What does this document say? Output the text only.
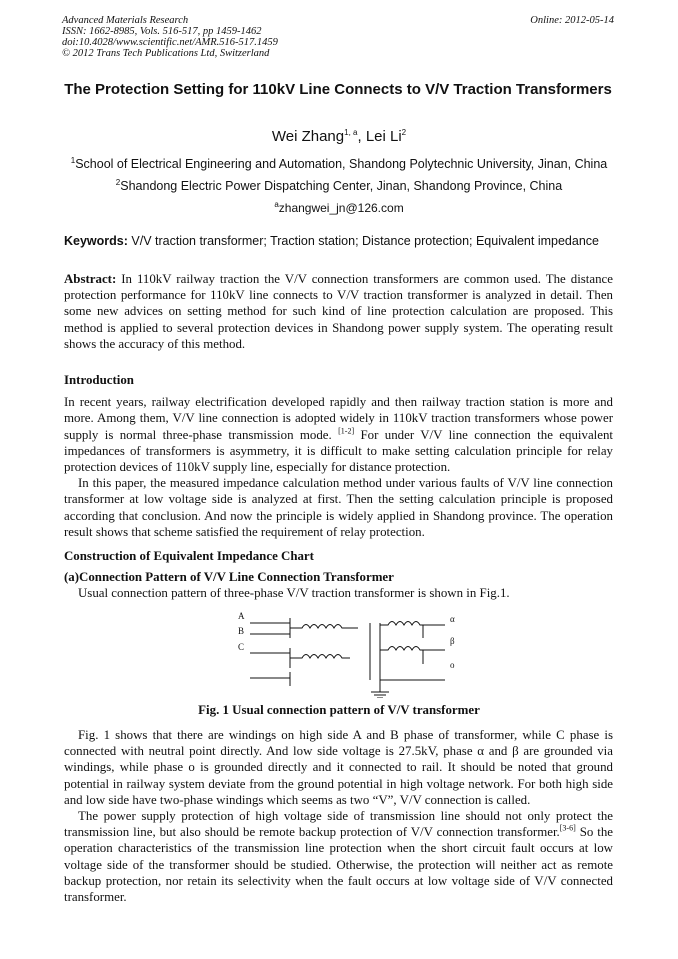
Advanced Materials Research
ISSN: 1662-8985, Vols. 516-517, pp 1459-1462
doi:10.4028/www.scientific.net/AMR.516-517.1459
© 2012 Trans Tech Publications Ltd, Switzerland
Online: 2012-05-14
The Protection Setting for 110kV Line Connects to V/V Traction Transformers
Wei Zhang$^{1, a}$, Lei Li$^2$
$^1$School of Electrical Engineering and Automation, Shandong Polytechnic University, Jinan, China
$^2$Shandong Electric Power Dispatching Center, Jinan, Shandong Province, China
$^a$zhangwei_jn@126.com
Keywords: V/V traction transformer; Traction station; Distance protection; Equivalent impedance

Abstract: In 110kV railway traction the V/V connection transformers are common used. The distance protection performance for 110kV line connects to V/V traction transformer is analyzed in detail. Then some new advices on setting method for such kind of line protection calculation are proposed. This method is applied to several protection devices in Shandong power supply system. The operating result shows the accuracy of this method.

Introduction

In recent years, railway electrification developed rapidly and then railway traction station is more and more. Among them, V/V line connection is adopted widely in 110kV traction transformers whose power supply is normal three-phase transmission mode. [1-2] For under V/V line connection the equivalent impedances of transformers is asymmetry, it is difficult to make setting calculation principle for relay protection devices of 110kV supply line, especially for distance protection.

In this paper, the measured impedance calculation method under various faults of V/V line connection transformer at low voltage side is analyzed at first. Then the setting calculation principle is proposed according that conclusion. And now the principle is widely applied in Shandong province. The operation result shows that scheme satisfied the requirement of relay protection.

Construction of Equivalent Impedance Chart

(a)Connection Pattern of V/V Line Connection Transformer

Usual connection pattern of three-phase V/V traction transformer is shown in Fig.1.

A
B
C
α
β
o
Fig. 1 Usual connection pattern of V/V transformer

Fig. 1 shows that there are windings on high side A and B phase of transformer, while C phase is connected with neutral point directly. And low side voltage is 27.5kV, phase α and β are grounded via windings, while phase o is grounded directly and it connected to rail. It should be noted that ground potential in railway system deviate from the ground potential in high voltage network. For both high side and low side have two-phase windings which seems as two “V”, V/V connection is called.

The power supply protection of high voltage side of transmission line should not only protect the transmission line, but also should be remote backup protection of V/V connection transformer.[3-6] So the operation characteristics of the transmission line protection when the short circuit fault occurs at low voltage side of the transformer should be studied. Otherwise, the protection will neither act as remote backup protection, nor retain its selectivity when the fault occurs at low voltage side of V/V connected transformer.
